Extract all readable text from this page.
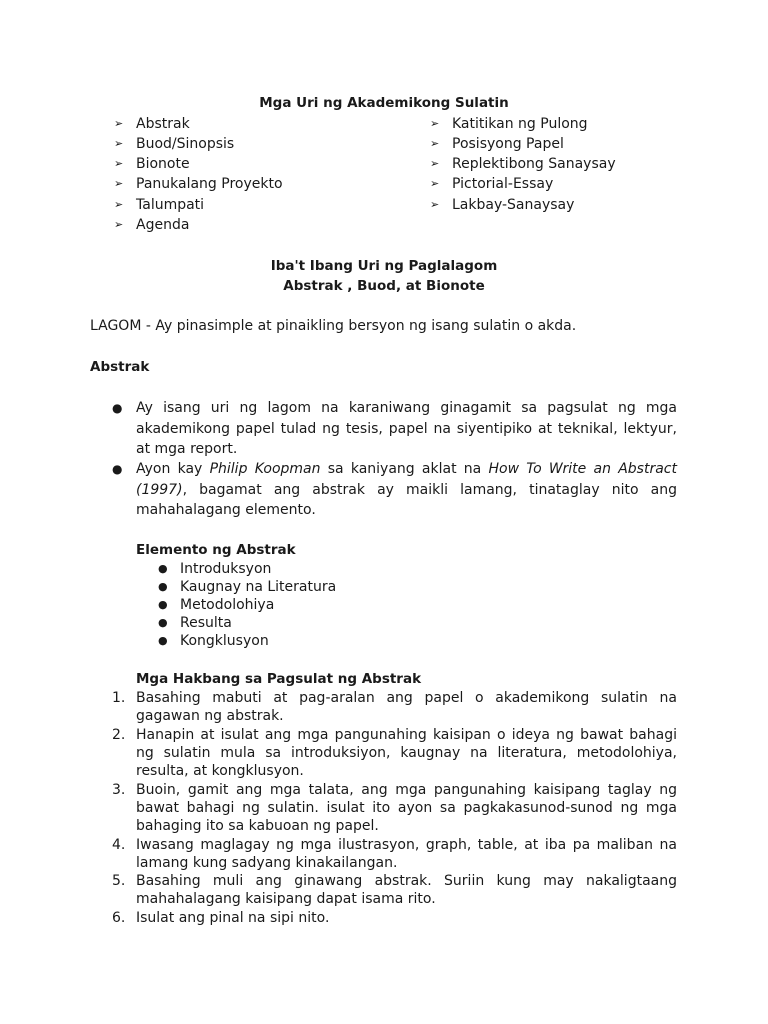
Mga Uri ng Akademikong Sulatin
➢ Abstrak
➢ Buod/Sinopsis
➢ Bionote
➢ Panukalang Proyekto
➢ Talumpati
➢ Agenda
➢ Katitikan ng Pulong
➢ Posisyong Papel
➢ Replektibong Sanaysay
➢ Pictorial-Essay
➢ Lakbay-Sanaysay
Iba't Ibang Uri ng Paglalagom
Abstrak , Buod, at Bionote
LAGOM - Ay pinasimple at pinaikling bersyon ng isang sulatin o akda.
Abstrak
● Ay isang uri ng lagom na karaniwang ginagamit sa pagsulat ng mga akademikong papel tulad ng tesis, papel na siyentipiko at teknikal, lektyur, at mga report.
● Ayon kay Philip Koopman sa kaniyang aklat na How To Write an Abstract (1997), bagamat ang abstrak ay maikli lamang, tinataglay nito ang mahahalagang elemento.
Elemento ng Abstrak
● Introduksyon
● Kaugnay na Literatura
● Metodolohiya
● Resulta
● Kongklusyon
Mga Hakbang sa Pagsulat ng Abstrak
1. Basahing mabuti at pag-aralan ang papel o akademikong sulatin na gagawan ng abstrak.
2. Hanapin at isulat ang mga pangunahing kaisipan o ideya ng bawat bahagi ng sulatin mula sa introduksiyon, kaugnay na literatura, metodolohiya, resulta, at kongklusyon.
3. Buoin, gamit ang mga talata, ang mga pangunahing kaisipang taglay ng bawat bahagi ng sulatin. isulat ito ayon sa pagkakasunod-sunod ng mga bahaging ito sa kabuoan ng papel.
4. Iwasang maglagay ng mga ilustrasyon, graph, table, at iba pa maliban na lamang kung sadyang kinakailangan.
5. Basahing muli ang ginawang abstrak. Suriin kung may nakaligtaang mahahalagang kaisipang dapat isama rito.
6. Isulat ang pinal na sipi nito.
